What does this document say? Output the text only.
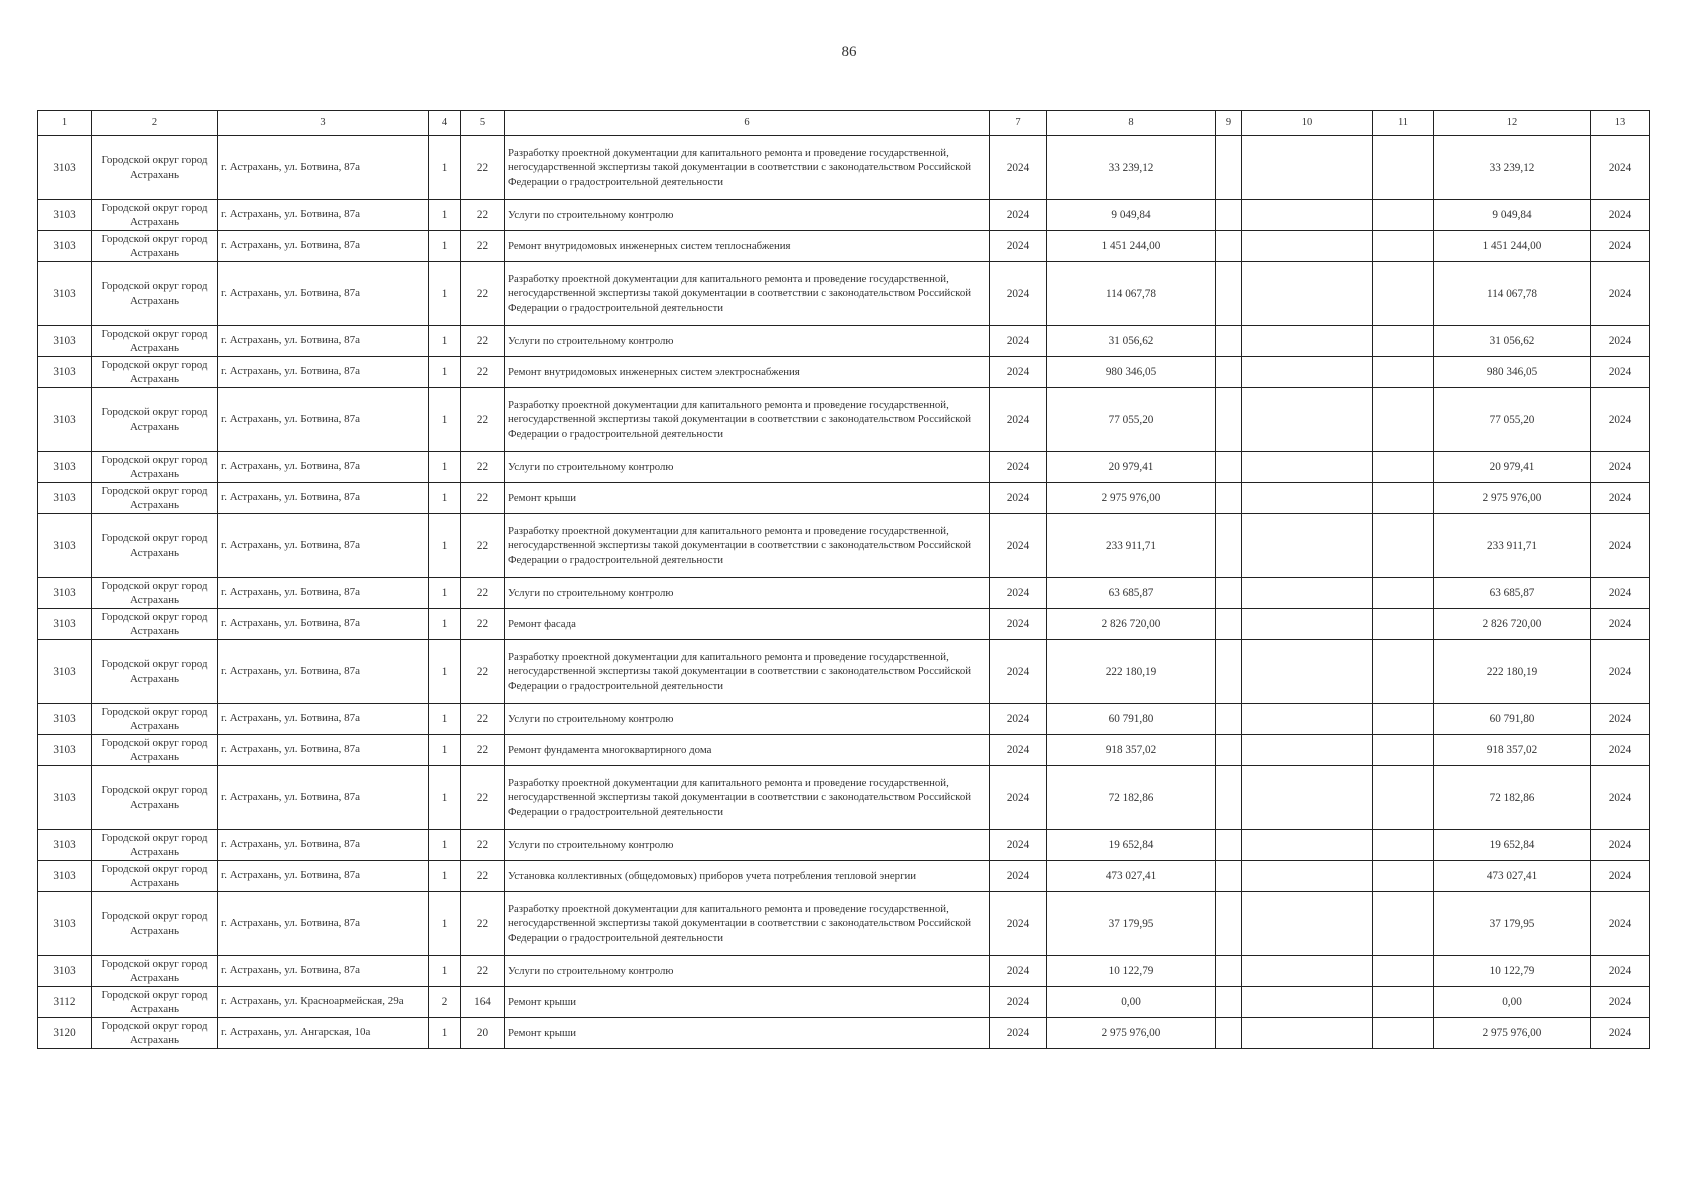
86
1	2	3	4	5	6	7	8	9	10	11	12	13
3103	Городской округ город Астрахань	г. Астрахань, ул. Ботвина, 87а	1	22	Разработку проектной документации для капитального ремонта и проведение государственной, негосударственной экспертизы такой документации в соответствии с законодательством Российской Федерации о градостроительной деятельности	2024	33 239,12				33 239,12	2024
3103	Городской округ город Астрахань	г. Астрахань, ул. Ботвина, 87а	1	22	Услуги по строительному контролю	2024	9 049,84				9 049,84	2024
3103	Городской округ город Астрахань	г. Астрахань, ул. Ботвина, 87а	1	22	Ремонт внутридомовых инженерных систем теплоснабжения	2024	1 451 244,00				1 451 244,00	2024
3103	Городской округ город Астрахань	г. Астрахань, ул. Ботвина, 87а	1	22	Разработку проектной документации для капитального ремонта и проведение государственной, негосударственной экспертизы такой документации в соответствии с законодательством Российской Федерации о градостроительной деятельности	2024	114 067,78				114 067,78	2024
3103	Городской округ город Астрахань	г. Астрахань, ул. Ботвина, 87а	1	22	Услуги по строительному контролю	2024	31 056,62				31 056,62	2024
3103	Городской округ город Астрахань	г. Астрахань, ул. Ботвина, 87а	1	22	Ремонт внутридомовых инженерных систем электроснабжения	2024	980 346,05				980 346,05	2024
3103	Городской округ город Астрахань	г. Астрахань, ул. Ботвина, 87а	1	22	Разработку проектной документации для капитального ремонта и проведение государственной, негосударственной экспертизы такой документации в соответствии с законодательством Российской Федерации о градостроительной деятельности	2024	77 055,20				77 055,20	2024
3103	Городской округ город Астрахань	г. Астрахань, ул. Ботвина, 87а	1	22	Услуги по строительному контролю	2024	20 979,41				20 979,41	2024
3103	Городской округ город Астрахань	г. Астрахань, ул. Ботвина, 87а	1	22	Ремонт крыши	2024	2 975 976,00				2 975 976,00	2024
3103	Городской округ город Астрахань	г. Астрахань, ул. Ботвина, 87а	1	22	Разработку проектной документации для капитального ремонта и проведение государственной, негосударственной экспертизы такой документации в соответствии с законодательством Российской Федерации о градостроительной деятельности	2024	233 911,71				233 911,71	2024
3103	Городской округ город Астрахань	г. Астрахань, ул. Ботвина, 87а	1	22	Услуги по строительному контролю	2024	63 685,87				63 685,87	2024
3103	Городской округ город Астрахань	г. Астрахань, ул. Ботвина, 87а	1	22	Ремонт фасада	2024	2 826 720,00				2 826 720,00	2024
3103	Городской округ город Астрахань	г. Астрахань, ул. Ботвина, 87а	1	22	Разработку проектной документации для капитального ремонта и проведение государственной, негосударственной экспертизы такой документации в соответствии с законодательством Российской Федерации о градостроительной деятельности	2024	222 180,19				222 180,19	2024
3103	Городской округ город Астрахань	г. Астрахань, ул. Ботвина, 87а	1	22	Услуги по строительному контролю	2024	60 791,80				60 791,80	2024
3103	Городской округ город Астрахань	г. Астрахань, ул. Ботвина, 87а	1	22	Ремонт фундамента многоквартирного дома	2024	918 357,02				918 357,02	2024
3103	Городской округ город Астрахань	г. Астрахань, ул. Ботвина, 87а	1	22	Разработку проектной документации для капитального ремонта и проведение государственной, негосударственной экспертизы такой документации в соответствии с законодательством Российской Федерации о градостроительной деятельности	2024	72 182,86				72 182,86	2024
3103	Городской округ город Астрахань	г. Астрахань, ул. Ботвина, 87а	1	22	Услуги по строительному контролю	2024	19 652,84				19 652,84	2024
3103	Городской округ город Астрахань	г. Астрахань, ул. Ботвина, 87а	1	22	Установка коллективных (общедомовых) приборов учета потребления тепловой энергии	2024	473 027,41				473 027,41	2024
3103	Городской округ город Астрахань	г. Астрахань, ул. Ботвина, 87а	1	22	Разработку проектной документации для капитального ремонта и проведение государственной, негосударственной экспертизы такой документации в соответствии с законодательством Российской Федерации о градостроительной деятельности	2024	37 179,95				37 179,95	2024
3103	Городской округ город Астрахань	г. Астрахань, ул. Ботвина, 87а	1	22	Услуги по строительному контролю	2024	10 122,79				10 122,79	2024
3112	Городской округ город Астрахань	г. Астрахань, ул. Красноармейская, 29а	2	164	Ремонт крыши	2024	0,00				0,00	2024
3120	Городской округ город Астрахань	г. Астрахань, ул. Ангарская, 10а	1	20	Ремонт крыши	2024	2 975 976,00				2 975 976,00	2024
